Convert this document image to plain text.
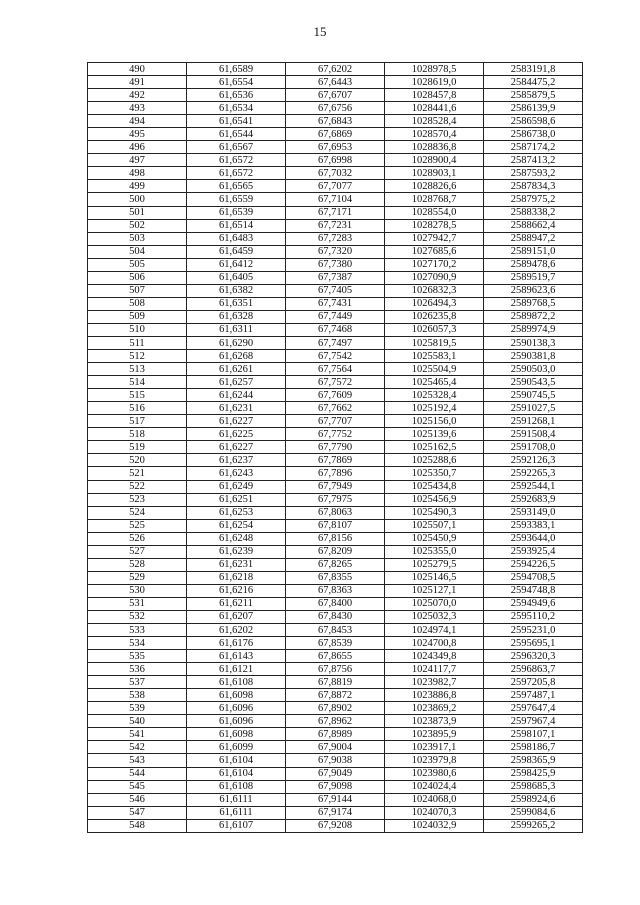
15
490	61,6589	67,6202	1028978,5	2583191,8
491	61,6554	67,6443	1028619,0	2584475,2
492	61,6536	67,6707	1028457,8	2585879,5
493	61,6534	67,6756	1028441,6	2586139,9
494	61,6541	67,6843	1028528,4	2586598,6
495	61,6544	67,6869	1028570,4	2586738,0
496	61,6567	67,6953	1028836,8	2587174,2
497	61,6572	67,6998	1028900,4	2587413,2
498	61,6572	67,7032	1028903,1	2587593,2
499	61,6565	67,7077	1028826,6	2587834,3
500	61,6559	67,7104	1028768,7	2587975,2
501	61,6539	67,7171	1028554,0	2588338,2
502	61,6514	67,7231	1028278,5	2588662,4
503	61,6483	67,7283	1027942,7	2588947,2
504	61,6459	67,7320	1027685,6	2589151,0
505	61,6412	67,7380	1027170,2	2589478,6
506	61,6405	67,7387	1027090,9	2589519,7
507	61,6382	67,7405	1026832,3	2589623,6
508	61,6351	67,7431	1026494,3	2589768,5
509	61,6328	67,7449	1026235,8	2589872,2
510	61,6311	67,7468	1026057,3	2589974,9
511	61,6290	67,7497	1025819,5	2590138,3
512	61,6268	67,7542	1025583,1	2590381,8
513	61,6261	67,7564	1025504,9	2590503,0
514	61,6257	67,7572	1025465,4	2590543,5
515	61,6244	67,7609	1025328,4	2590745,5
516	61,6231	67,7662	1025192,4	2591027,5
517	61,6227	67,7707	1025156,0	2591268,1
518	61,6225	67,7752	1025139,6	2591508,4
519	61,6227	67,7790	1025162,5	2591708,0
520	61,6237	67,7869	1025288,6	2592126,3
521	61,6243	67,7896	1025350,7	2592265,3
522	61,6249	67,7949	1025434,8	2592544,1
523	61,6251	67,7975	1025456,9	2592683,9
524	61,6253	67,8063	1025490,3	2593149,0
525	61,6254	67,8107	1025507,1	2593383,1
526	61,6248	67,8156	1025450,9	2593644,0
527	61,6239	67,8209	1025355,0	2593925,4
528	61,6231	67,8265	1025279,5	2594226,5
529	61,6218	67,8355	1025146,5	2594708,5
530	61,6216	67,8363	1025127,1	2594748,8
531	61,6211	67,8400	1025070,0	2594949,6
532	61,6207	67,8430	1025032,3	2595110,2
533	61,6202	67,8453	1024974,1	2595231,0
534	61,6176	67,8539	1024700,8	2595695,1
535	61,6143	67,8655	1024349,8	2596320,3
536	61,6121	67,8756	1024117,7	2596863,7
537	61,6108	67,8819	1023982,7	2597205,8
538	61,6098	67,8872	1023886,8	2597487,1
539	61,6096	67,8902	1023869,2	2597647,4
540	61,6096	67,8962	1023873,9	2597967,4
541	61,6098	67,8989	1023895,9	2598107,1
542	61,6099	67,9004	1023917,1	2598186,7
543	61,6104	67,9038	1023979,8	2598365,9
544	61,6104	67,9049	1023980,6	2598425,9
545	61,6108	67,9098	1024024,4	2598685,3
546	61,6111	67,9144	1024068,0	2598924,6
547	61,6111	67,9174	1024070,3	2599084,6
548	61,6107	67,9208	1024032,9	2599265,2
